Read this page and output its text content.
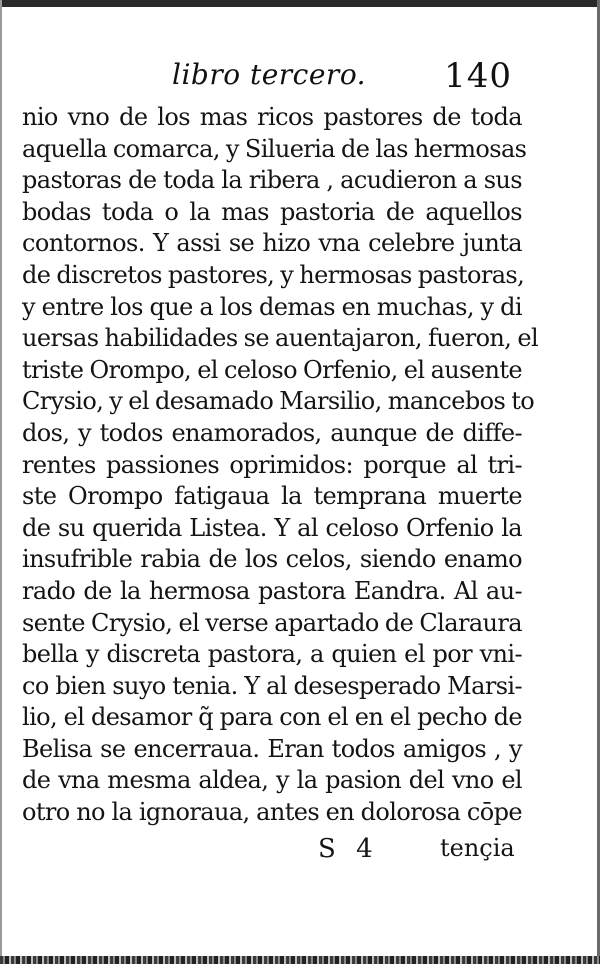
libro tercero. 140
nio vno de los mas ricos pastores de toda
aquella comarca, y Silueria de las hermosas
pastoras de toda la ribera , acudieron a sus
bodas toda o la mas pastoria de aquellos
contornos. Y assi se hizo vna celebre junta
de discretos pastores, y hermosas pastoras,
y entre los que a los demas en muchas, y di
uersas habilidades se auentajaron, fueron, el
triste Orompo, el celoso Orfenio, el ausente
Crysio, y el desamado Marsilio, mancebos to
dos, y todos enamorados, aunque de diffe-
rentes passiones oprimidos: porque al tri-
ste Orompo fatigaua la temprana muerte
de su querida Listea. Y al celoso Orfenio la
insufrible rabia de los celos, siendo enamo
rado de la hermosa pastora Eandra. Al au-
sente Crysio, el verse apartado de Claraura
bella y discreta pastora, a quien el por vni-
co bien suyo tenia. Y al desesperado Marsi-
lio, el desamor q̃ para con el en el pecho de
Belisa se encerraua. Eran todos amigos , y
de vna mesma aldea, y la pasion del vno el
otro no la ignoraua, antes en dolorosa cōpe
S 4	tençia
